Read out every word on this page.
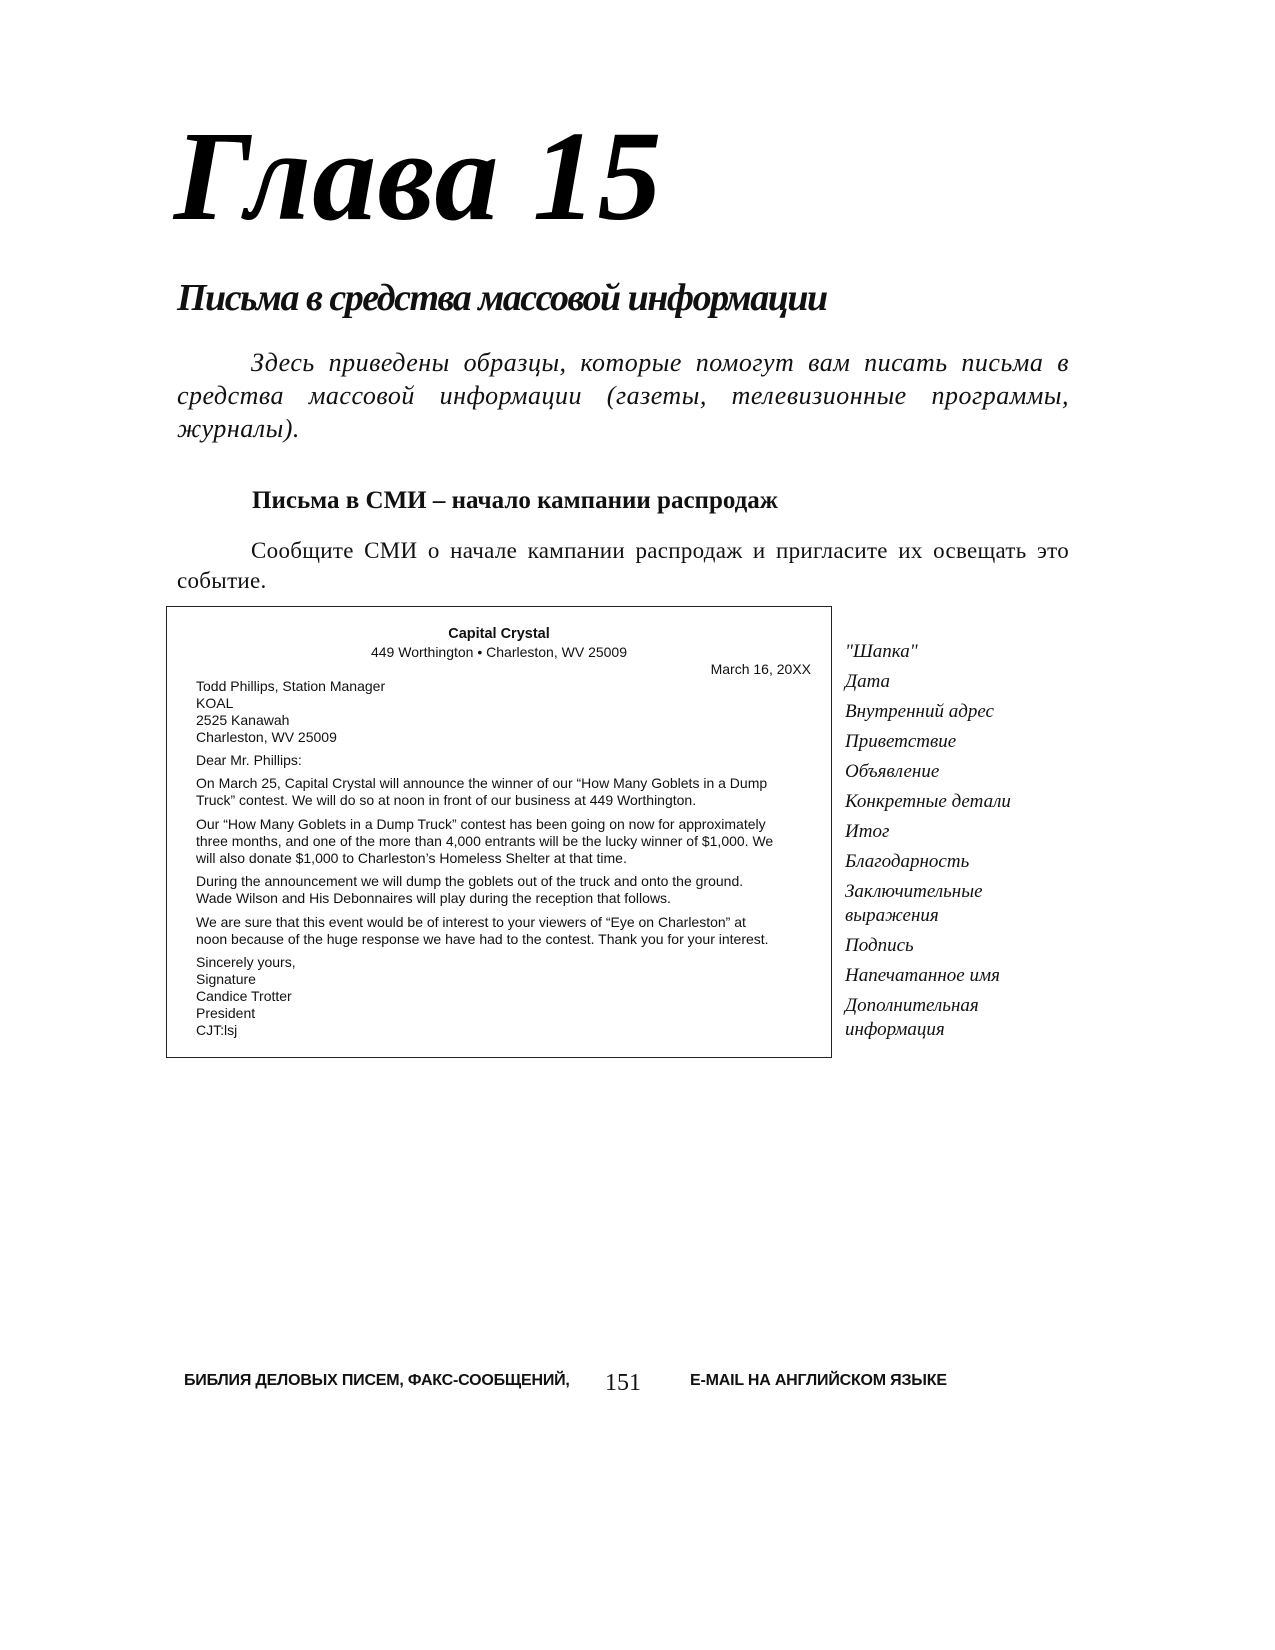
Глава 15
Письма в средства массовой информации

Здесь приведены образцы, которые помогут вам писать письма в средства массовой информации (газеты, телевизионные программы, журналы).

Письма в СМИ – начало кампании распродаж

Сообщите СМИ о начале кампании распродаж и пригласите их освещать это событие.

Capital Crystal
449 Worthington • Charleston, WV 25009
March 16, 20XX
Todd Phillips, Station Manager
KOAL
2525 Kanawah
Charleston, WV 25009
Dear Mr. Phillips:
On March 25, Capital Crystal will announce the winner of our “How Many Goblets in a Dump
Truck” contest. We will do so at noon in front of our business at 449 Worthington.
Our “How Many Goblets in a Dump Truck” contest has been going on now for approximately
three months, and one of the more than 4,000 entrants will be the lucky winner of $1,000. We
will also donate $1,000 to Charleston’s Homeless Shelter at that time.
During the announcement we will dump the goblets out of the truck and onto the ground.
Wade Wilson and His Debonnaires will play during the reception that follows.
We are sure that this event would be of interest to your viewers of “Eye on Charleston” at
noon because of the huge response we have had to the contest. Thank you for your interest.
Sincerely yours,
Signature
Candice Trotter
President
CJT:lsj
"Шапка"
Дата
Внутренний адрес
Приветствие
Объявление
Конкретные детали
Итог
Благодарность
Заключительные выражения
Подпись
Напечатанное имя
Дополнительная информация
БИБЛИЯ ДЕЛОВЫХ ПИСЕМ, ФАКС-СООБЩЕНИЙ, 151	E-MAIL НА АНГЛИЙСКОМ ЯЗЫКЕ
